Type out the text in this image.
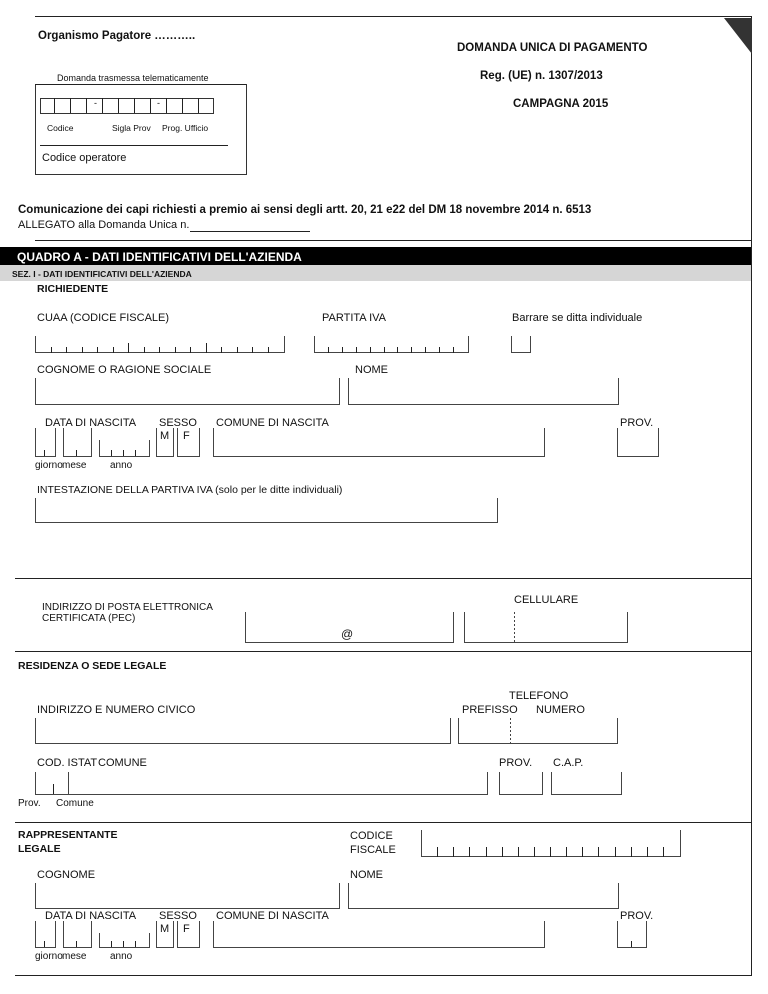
Organismo Pagatore ………..
DOMANDA UNICA DI PAGAMENTO
Reg. (UE) n. 1307/2013
CAMPAGNA 2015
Domanda trasmessa telematicamente
-	-
Codice	Sigla Prov Prog. Ufficio
Codice operatore
Comunicazione dei capi richiesti a premio ai sensi degli artt. 20, 21 e22 del DM 18 novembre 2014 n. 6513
ALLEGATO alla Domanda Unica n.
QUADRO A - DATI IDENTIFICATIVI DELL'AZIENDA
SEZ. I - DATI IDENTIFICATIVI DELL'AZIENDA
RICHIEDENTE
CUAA (CODICE FISCALE)	PARTITA IVA	Barrare se ditta individuale
COGNOME O RAGIONE SOCIALE	NOME
DATA DI NASCITA SESSO COMUNE DI NASCITA	PROV.
M F
giorno mese anno
INTESTAZIONE DELLA PARTIVA IVA (solo per le ditte individuali)
INDIRIZZO DI POSTA ELETTRONICA
CERTIFICATA (PEC)
CELLULARE
@
RESIDENZA O SEDE LEGALE
TELEFONO
INDIRIZZO E NUMERO CIVICO	PREFISSO NUMERO
COD. ISTAT COMUNE	PROV. C.A.P.
Prov. Comune
RAPPRESENTANTE
LEGALE
CODICE
FISCALE
COGNOME	NOME
DATA DI NASCITA SESSO COMUNE DI NASCITA	PROV.
M F
giorno mese anno
